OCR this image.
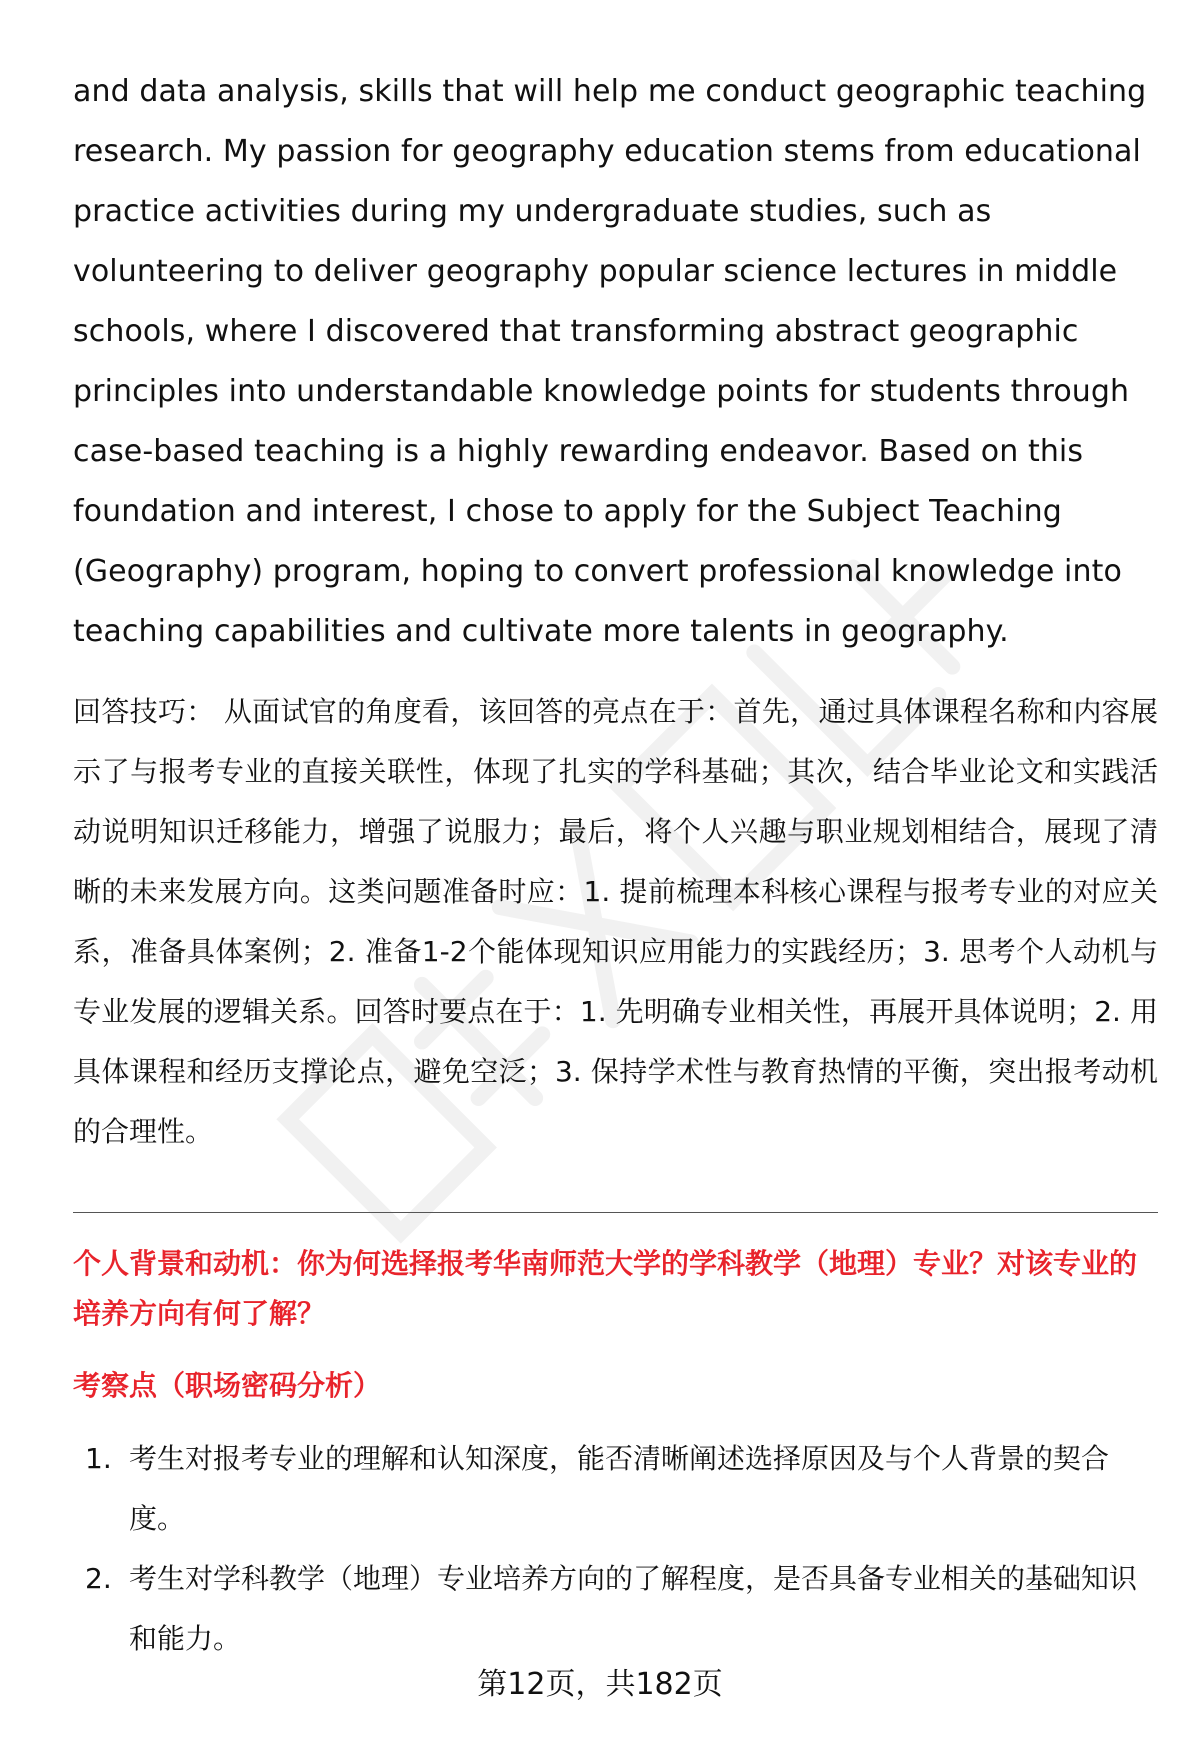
and data analysis, skills that will help me conduct geographic teaching research. My passion for geography education stems from educational practice activities during my undergraduate studies, such as volunteering to deliver geography popular science lectures in middle schools, where I discovered that transforming abstract geographic principles into understandable knowledge points for students through case-based teaching is a highly rewarding endeavor. Based on this foundation and interest, I chose to apply for the Subject Teaching (Geography) program, hoping to convert professional knowledge into teaching capabilities and cultivate more talents in geography.

回答技巧： 从面试官的角度看，该回答的亮点在于：首先，通过具体课程名称和内容展示了与报考专业的直接关联性，体现了扎实的学科基础；其次，结合毕业论文和实践活动说明知识迁移能力，增强了说服力；最后，将个人兴趣与职业规划相结合，展现了清晰的未来发展方向。这类问题准备时应：1. 提前梳理本科核心课程与报考专业的对应关系，准备具体案例；2. 准备1-2个能体现知识应用能力的实践经历；3. 思考个人动机与专业发展的逻辑关系。回答时要点在于：1. 先明确专业相关性，再展开具体说明；2. 用具体课程和经历支撑论点，避免空泛；3. 保持学术性与教育热情的平衡，突出报考动机的合理性。

个人背景和动机：你为何选择报考华南师范大学的学科教学（地理）专业？对该专业的培养方向有何了解？

考察点（职场密码分析）

1. 考生对报考专业的理解和认知深度，能否清晰阐述选择原因及与个人背景的契合度。
2. 考生对学科教学（地理）专业培养方向的了解程度，是否具备专业相关的基础知识和能力。
第12页，共182页
